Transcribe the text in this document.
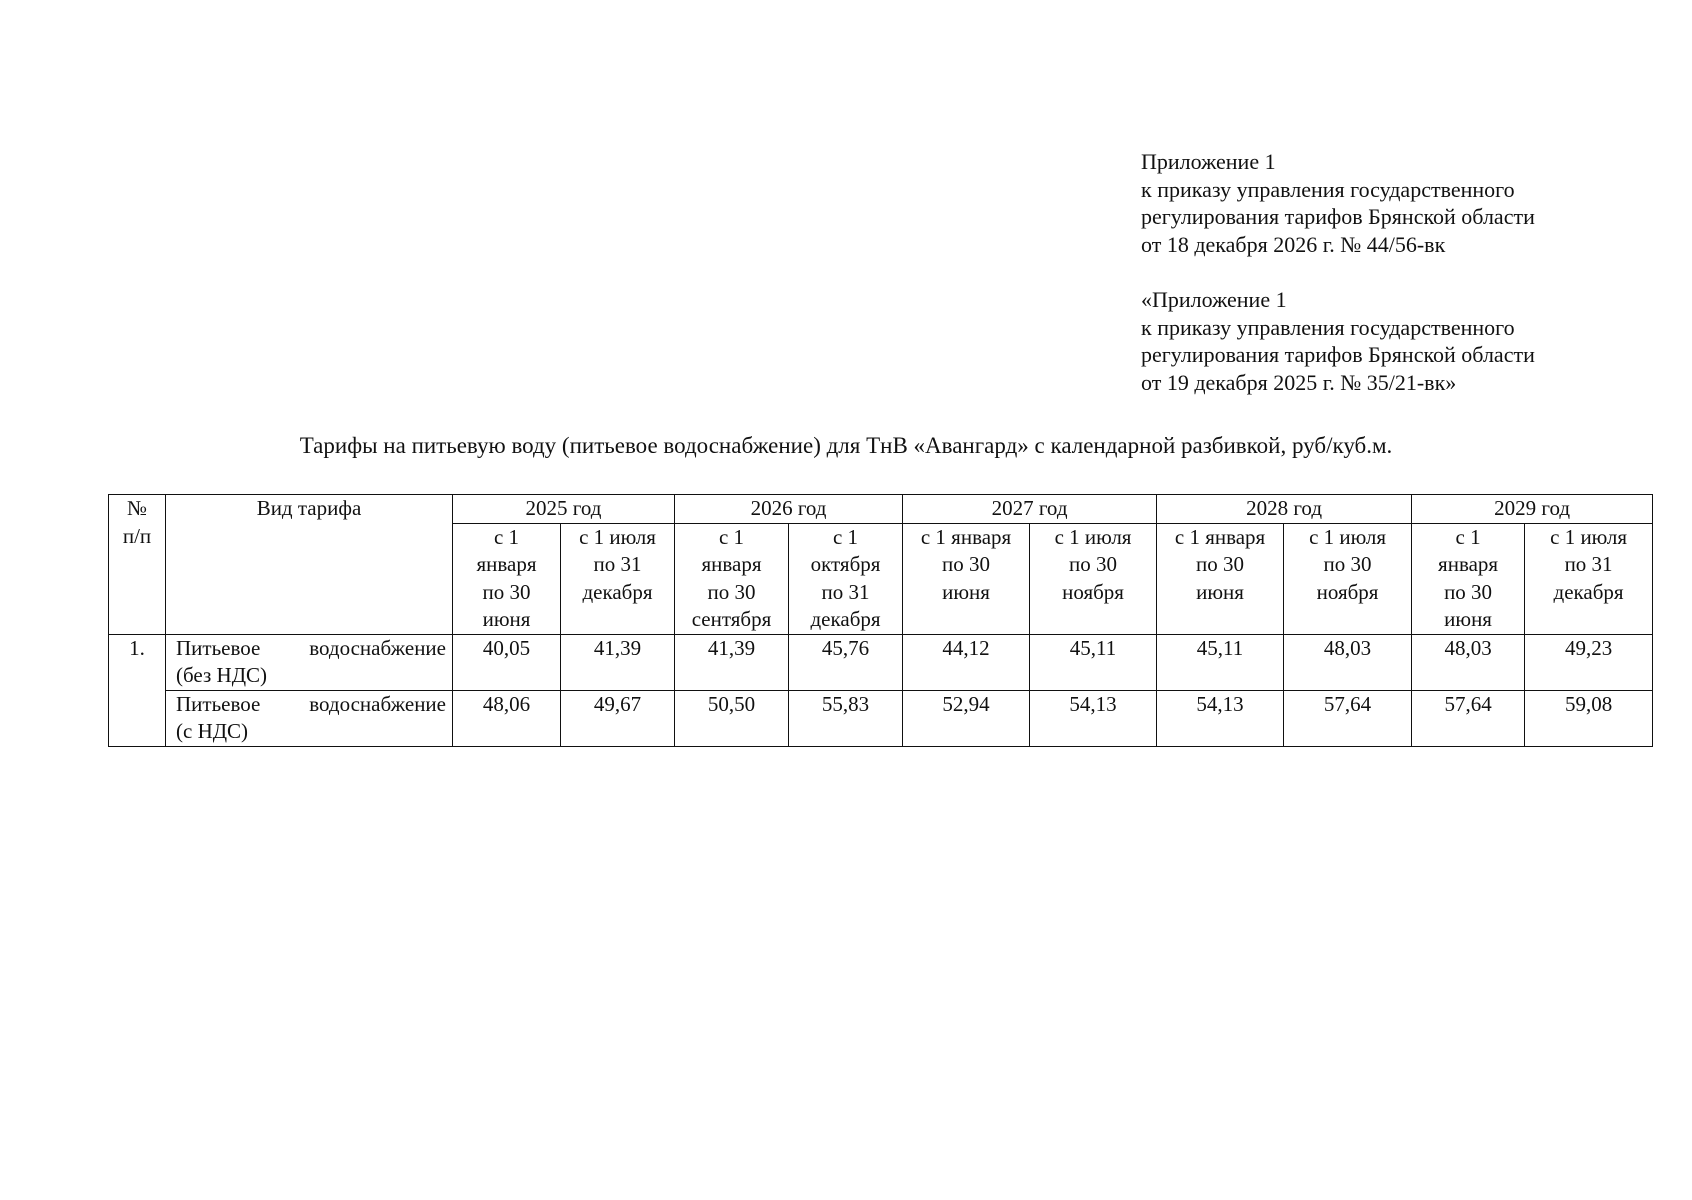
Приложение 1
к приказу управления государственного
регулирования тарифов Брянской области
от 18 декабря 2026 г. № 44/56-вк
«Приложение 1
к приказу управления государственного
регулирования тарифов Брянской области
от 19 декабря 2025 г. № 35/21-вк»
Тарифы на питьевую воду (питьевое водоснабжение) для ТнВ «Авангард» с календарной разбивкой, руб/куб.м.
№
п/п	Вид тарифа	2025 год		2026 год		2027 год		2028 год		2029 год	

		с 1
января
по 30
июня	с 1 июля
по 31
декабря	с 1
января
по 30
сентября	с 1
октября
по 31
декабря	с 1 января
по 30
июня	с 1 июля
по 30
ноября	с 1 января
по 30
июня	с 1 июля
по 30
ноября	с 1
января
по 30
июня	с 1 июля
по 31
декабря

1.	Питьевое водоснабжение
(без НДС)	40,05	41,39	41,39	45,76	44,12	45,11	45,11	48,03	48,03	49,23

	Питьевое водоснабжение
(с НДС)	48,06	49,67	50,50	55,83	52,94	54,13	54,13	57,64	57,64	59,08
